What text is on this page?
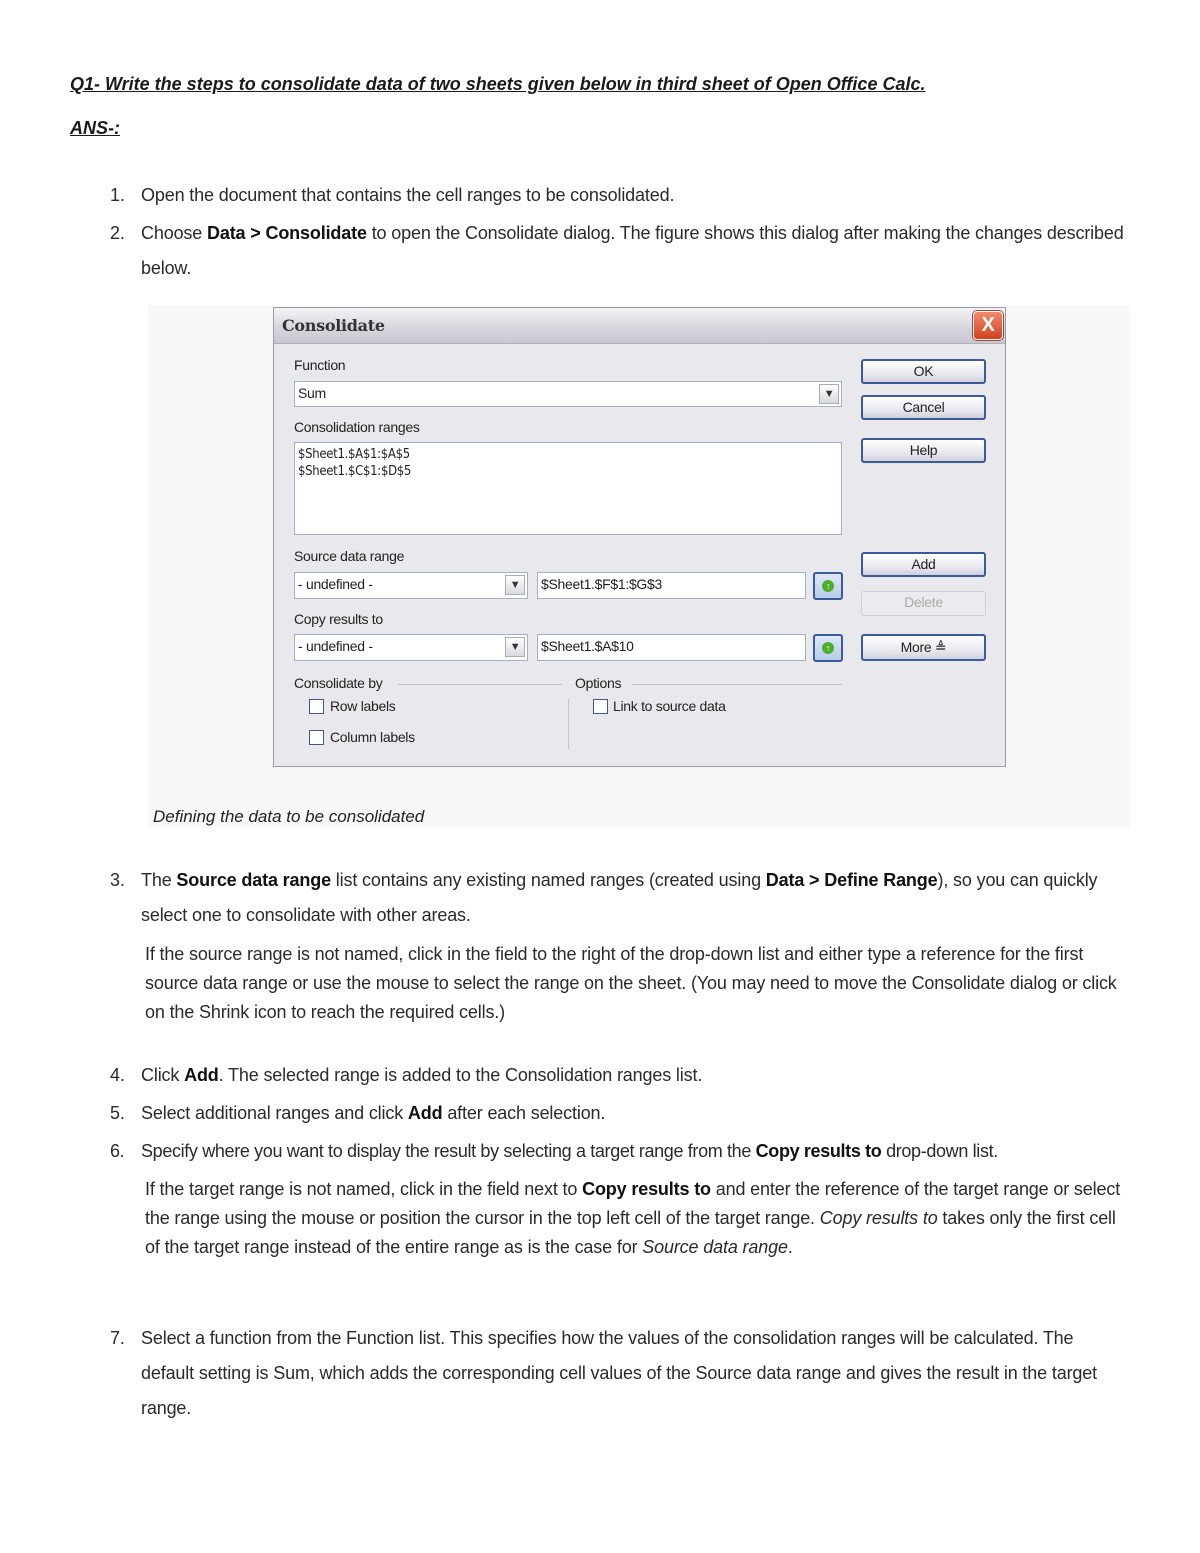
Q1- Write the steps to consolidate data of two sheets given below in third sheet of Open Office Calc.
ANS-:
1. Open the document that contains the cell ranges to be consolidated.
2. Choose Data > Consolidate to open the Consolidate dialog. The figure shows this dialog after making the changes described below.
Defining the data to be consolidated
Consolidate	X
Function
Sum	▼
Consolidation ranges
$Sheet1.$A$1:$A$5
$Sheet1.$C$1:$D$5
Source data range
- undefined -	▼	$Sheet1.$F$1:$G$3	↑
Copy results to
- undefined -	▼	$Sheet1.$A$10	↑
Consolidate by	Options
Row labels
Column labels
Link to source data
OK
Cancel
Help
Add
Delete
More ≜
3. The Source data range list contains any existing named ranges (created using Data > Define Range), so you can quickly select one to consolidate with other areas.
If the source range is not named, click in the field to the right of the drop-down list and either type a reference for the first source data range or use the mouse to select the range on the sheet. (You may need to move the Consolidate dialog or click on the Shrink icon to reach the required cells.)
4. Click Add. The selected range is added to the Consolidation ranges list.
5. Select additional ranges and click Add after each selection.
6. Specify where you want to display the result by selecting a target range from the Copy results to drop-down list.
If the target range is not named, click in the field next to Copy results to and enter the reference of the target range or select the range using the mouse or position the cursor in the top left cell of the target range. Copy results to takes only the first cell of the target range instead of the entire range as is the case for Source data range.
7. Select a function from the Function list. This specifies how the values of the consolidation ranges will be calculated. The default setting is Sum, which adds the corresponding cell values of the Source data range and gives the result in the target range.
